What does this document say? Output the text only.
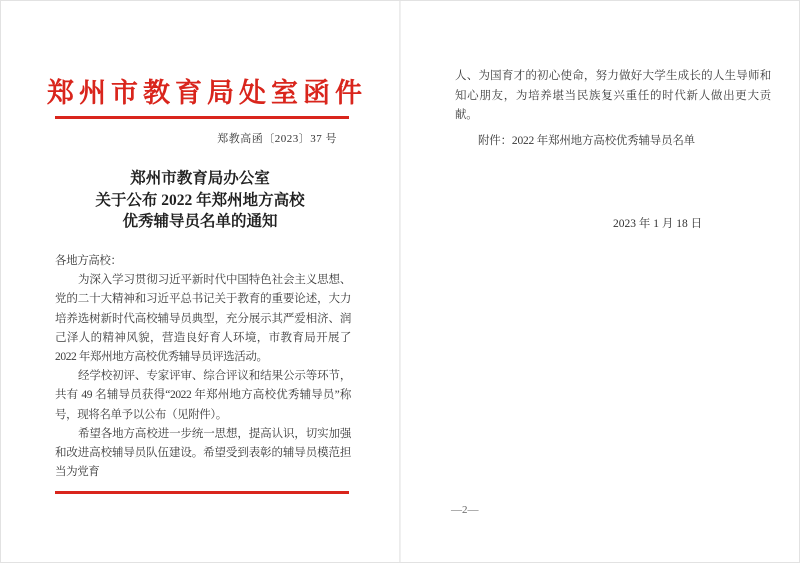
郑州市教育局处室函件
郑教高函〔2023〕37 号
郑州市教育局办公室
关于公布 2022 年郑州地方高校
优秀辅导员名单的通知

各地方高校：

为深入学习贯彻习近平新时代中国特色社会主义思想、党的二十大精神和习近平总书记关于教育的重要论述，大力培养选树新时代高校辅导员典型，充分展示其严爱相济、润己泽人的精神风貌，营造良好育人环境，市教育局开展了 2022 年郑州地方高校优秀辅导员评选活动。

经学校初评、专家评审、综合评议和结果公示等环节，共有 49 名辅导员获得“2022 年郑州地方高校优秀辅导员”称号，现将名单予以公布（见附件）。

希望各地方高校进一步统一思想，提高认识，切实加强和改进高校辅导员队伍建设。希望受到表彰的辅导员模范担当为党育

人、为国育才的初心使命，努力做好大学生成长的人生导师和知心朋友，为培养堪当民族复兴重任的时代新人做出更大贡献。

附件：2022 年郑州地方高校优秀辅导员名单

2023 年 1 月 18 日
—2—
